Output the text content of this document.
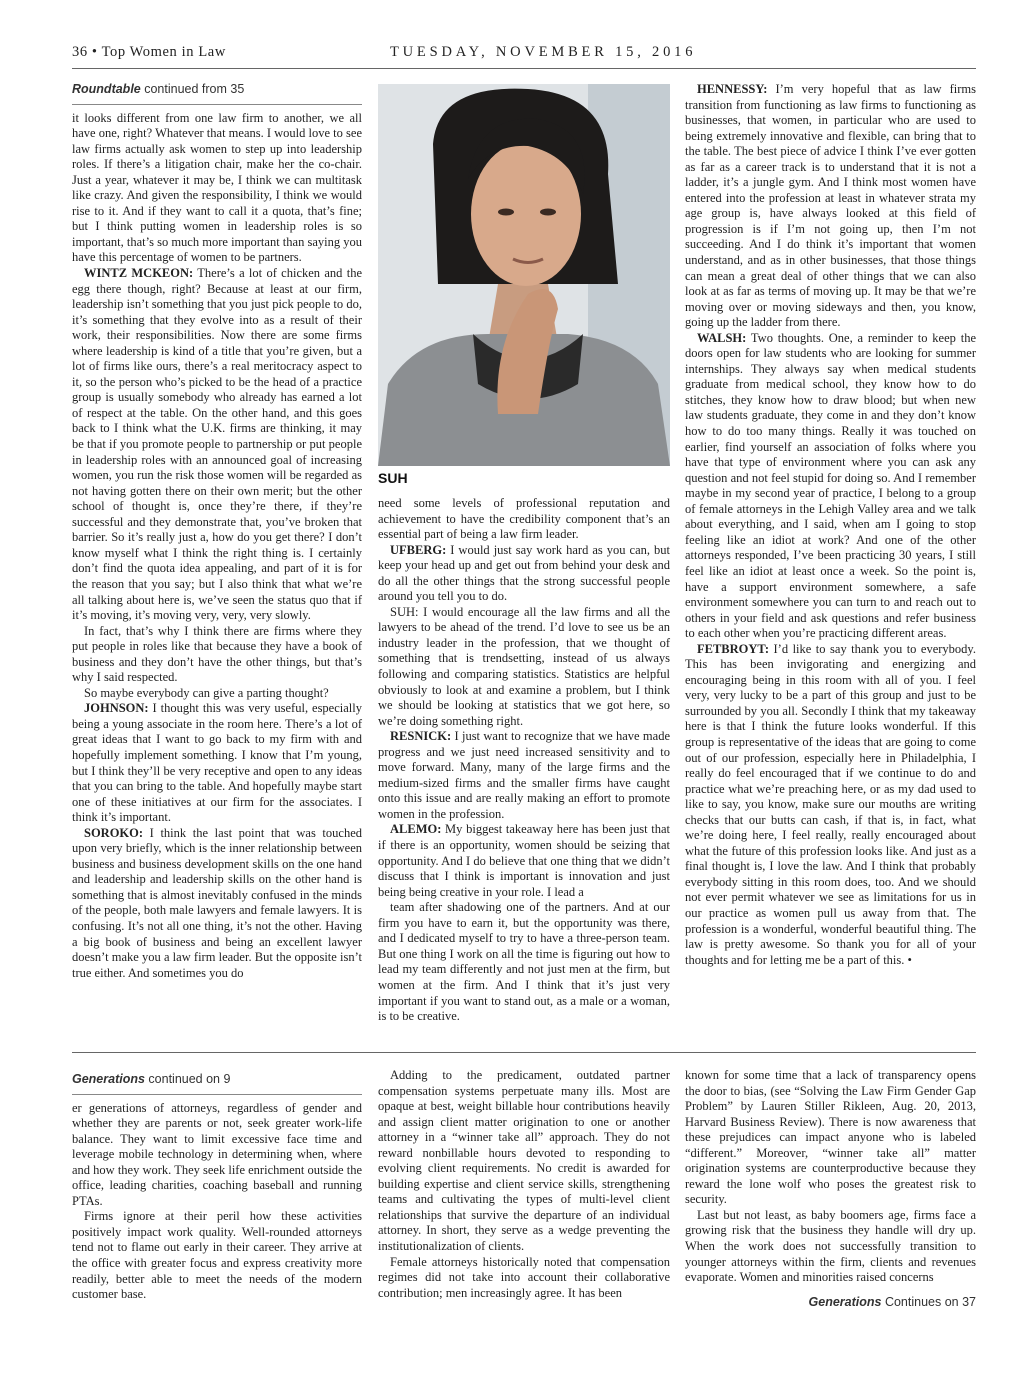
36 • Top Women in Law	TUESDAY, NOVEMBER 15, 2016
Roundtable continued from 35

it looks different from one law firm to another, we all have one, right? Whatever that means. I would love to see law firms actually ask women to step up into leadership roles. If there’s a litigation chair, make her the co-chair. Just a year, whatever it may be, I think we can multitask like crazy. And given the responsibility, I think we would rise to it. And if they want to call it a quota, that’s fine; but I think putting women in leadership roles is so important, that’s so much more important than saying you have this percentage of women to be partners.

WINTZ MCKEON: There’s a lot of chicken and the egg there though, right? Because at least at our firm, leadership isn’t something that you just pick people to do, it’s something that they evolve into as a result of their work, their responsibilities. Now there are some firms where leadership is kind of a title that you’re given, but a lot of firms like ours, there’s a real meritocracy aspect to it, so the person who’s picked to be the head of a practice group is usually somebody who already has earned a lot of respect at the table. On the other hand, and this goes back to I think what the U.K. firms are thinking, it may be that if you promote people to partnership or put people in leadership roles with an announced goal of increasing women, you run the risk those women will be regarded as not having gotten there on their own merit; but the other school of thought is, once they’re there, if they’re successful and they demonstrate that, you’ve broken that barrier. So it’s really just a, how do you get there? I don’t know myself what I think the right thing is. I certainly don’t find the quota idea appealing, and part of it is for the reason that you say; but I also think that what we’re all talking about here is, we’ve seen the status quo that if it’s moving, it’s moving very, very, very slowly.

In fact, that’s why I think there are firms where they put people in roles like that because they have a book of business and they don’t have the other things, but that’s why I said respected.

So maybe everybody can give a parting thought?

JOHNSON: I thought this was very useful, especially being a young associate in the room here. There’s a lot of great ideas that I want to go back to my firm with and hopefully implement something. I know that I’m young, but I think they’ll be very receptive and open to any ideas that you can bring to the table. And hopefully maybe start one of these initiatives at our firm for the associates. I think it’s important.

SOROKO: I think the last point that was touched upon very briefly, which is the inner relationship between business and business development skills on the one hand and leadership and leadership skills on the other hand is something that is almost inevitably confused in the minds of the people, both male lawyers and female lawyers. It is confusing. It’s not all one thing, it’s not the other. Having a big book of business and being an excellent lawyer doesn’t make you a law firm leader. But the opposite isn’t true either. And sometimes you do

SUH

need some levels of professional reputation and achievement to have the credibility component that’s an essential part of being a law firm leader.

UFBERG: I would just say work hard as you can, but keep your head up and get out from behind your desk and do all the other things that the strong successful people around you tell you to do.

SUH: I would encourage all the law firms and all the lawyers to be ahead of the trend. I’d love to see us be an industry leader in the profession, that we thought of something that is trendsetting, instead of us always following and comparing statistics. Statistics are helpful obviously to look at and examine a problem, but I think we should be looking at statistics that we got here, so we’re doing something right.

RESNICK: I just want to recognize that we have made progress and we just need increased sensitivity and to move forward. Many, many of the large firms and the medium-sized firms and the smaller firms have caught onto this issue and are really making an effort to promote women in the profession.

ALEMO: My biggest takeaway here has been just that if there is an opportunity, women should be seizing that opportunity. And I do believe that one thing that we didn’t discuss that I think is important is innovation and just being being creative in your role. I lead a

team after shadowing one of the partners. And at our firm you have to earn it, but the opportunity was there, and I dedicated myself to try to have a three-person team. But one thing I work on all the time is figuring out how to lead my team differently and not just men at the firm, but women at the firm. And I think that it’s just very important if you want to stand out, as a male or a woman, is to be creative.

HENNESSY: I’m very hopeful that as law firms transition from functioning as law firms to functioning as businesses, that women, in particular who are used to being extremely innovative and flexible, can bring that to the table. The best piece of advice I think I’ve ever gotten as far as a career track is to understand that it is not a ladder, it’s a jungle gym. And I think most women have entered into the profession at least in whatever strata my age group is, have always looked at this field of progression is if I’m not going up, then I’m not succeeding. And I do think it’s important that women understand, and as in other businesses, that those things can mean a great deal of other things that we can also look at as far as terms of moving up. It may be that we’re moving over or moving sideways and then, you know, going up the ladder from there.

WALSH: Two thoughts. One, a reminder to keep the doors open for law students who are looking for summer internships. They always say when medical students graduate from medical school, they know how to do stitches, they know how to draw blood; but when new law students graduate, they come in and they don’t know how to do too many things. Really it was touched on earlier, find yourself an association of folks where you have that type of environment where you can ask any question and not feel stupid for doing so. And I remember maybe in my second year of practice, I belong to a group of female attorneys in the Lehigh Valley area and we talk about everything, and I said, when am I going to stop feeling like an idiot at work? And one of the other attorneys responded, I’ve been practicing 30 years, I still feel like an idiot at least once a week. So the point is, have a support environment somewhere, a safe environment somewhere you can turn to and reach out to others in your field and ask questions and refer business to each other when you’re practicing different areas.

FETBROYT: I’d like to say thank you to everybody. This has been invigorating and energizing and encouraging being in this room with all of you. I feel very, very lucky to be a part of this group and just to be surrounded by you all. Secondly I think that my takeaway here is that I think the future looks wonderful. If this group is representative of the ideas that are going to come out of our profession, especially here in Philadelphia, I really do feel encouraged that if we continue to do and practice what we’re preaching here, or as my dad used to like to say, you know, make sure our mouths are writing checks that our butts can cash, if that is, in fact, what we’re doing here, I feel really, really encouraged about what the future of this profession looks like. And just as a final thought is, I love the law. And I think that probably everybody sitting in this room does, too. And we should not ever permit whatever we see as limitations for us in our practice as women pull us away from that. The profession is a wonderful, wonderful beautiful thing. The law is pretty awesome. So thank you for all of your thoughts and for letting me be a part of this. •

Generations continued on 9

er generations of attorneys, regardless of gender and whether they are parents or not, seek greater work-life balance. They want to limit excessive face time and leverage mobile technology in determining when, where and how they work. They seek life enrichment outside the office, leading charities, coaching baseball and running PTAs.

Firms ignore at their peril how these activities positively impact work quality. Well-rounded attorneys tend not to flame out early in their career. They arrive at the office with greater focus and express creativity more readily, better able to meet the needs of the modern customer base.

Adding to the predicament, outdated partner compensation systems perpetuate many ills. Most are opaque at best, weight billable hour contributions heavily and assign client matter origination to one or another attorney in a “winner take all” approach. They do not reward nonbillable hours devoted to responding to evolving client requirements. No credit is awarded for building expertise and client service skills, strengthening teams and cultivating the types of multi-level client relationships that survive the departure of an individual attorney. In short, they serve as a wedge preventing the institutionalization of clients.

Female attorneys historically noted that compensation regimes did not take into account their collaborative contribution; men increasingly agree. It has been

known for some time that a lack of transparency opens the door to bias, (see “Solving the Law Firm Gender Gap Problem” by Lauren Stiller Rikleen, Aug. 20, 2013, Harvard Business Review). There is now awareness that these prejudices can impact anyone who is labeled “different.” Moreover, “winner take all” matter origination systems are counterproductive because they reward the lone wolf who poses the greatest risk to security.

Last but not least, as baby boomers age, firms face a growing risk that the business they handle will dry up. When the work does not successfully transition to younger attorneys within the firm, clients and revenues evaporate. Women and minorities raised concerns

Generations Continues on 37
